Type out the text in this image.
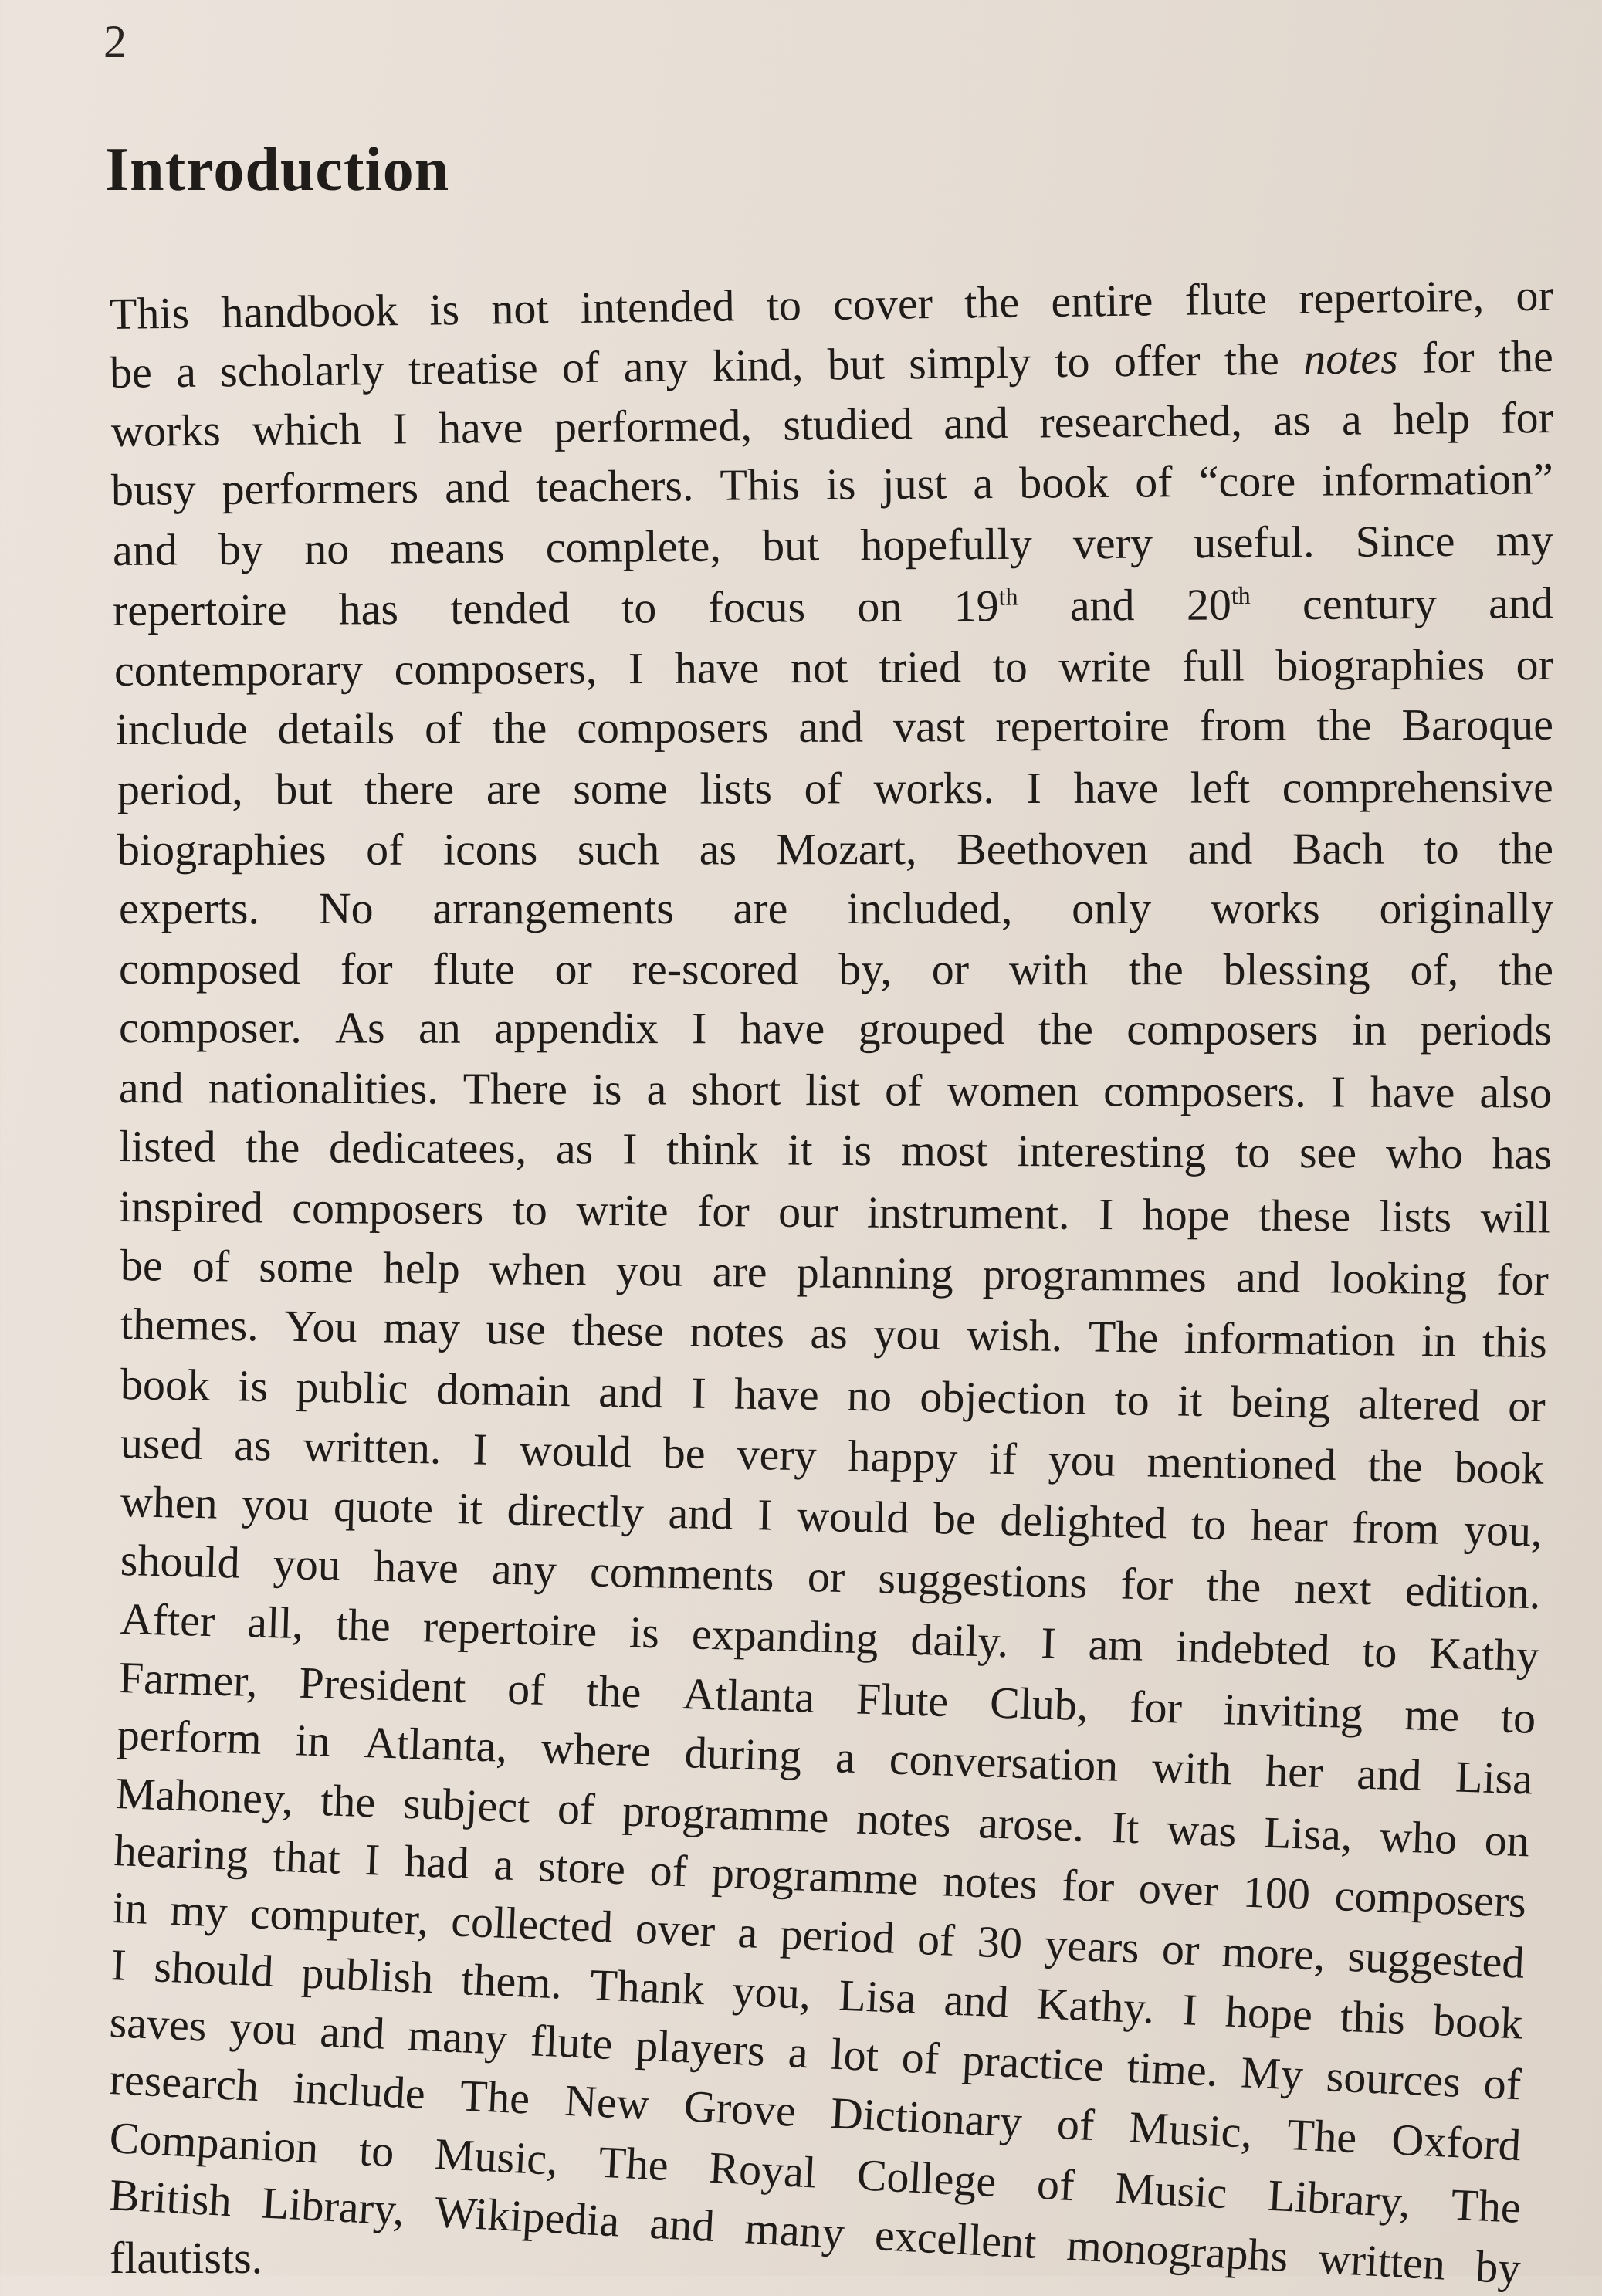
2
Introduction
This handbook is not intended to cover the entire flute repertoire, or
be a scholarly treatise of any kind, but simply to offer the notes for the
works which I have performed, studied and researched, as a help for
busy performers and teachers. This is just a book of “core information”
and by no means complete, but hopefully very useful. Since my
repertoire has tended to focus on 19th and 20th century and
contemporary composers, I have not tried to write full biographies or
include details of the composers and vast repertoire from the Baroque
period, but there are some lists of works. I have left comprehensive
biographies of icons such as Mozart, Beethoven and Bach to the
experts. No arrangements are included, only works originally
composed for flute or re-scored by, or with the blessing of, the
composer. As an appendix I have grouped the composers in periods
and nationalities. There is a short list of women composers. I have also
listed the dedicatees, as I think it is most interesting to see who has
inspired composers to write for our instrument. I hope these lists will
be of some help when you are planning programmes and looking for
themes. You may use these notes as you wish. The information in this
book is public domain and I have no objection to it being altered or
used as written. I would be very happy if you mentioned the book
when you quote it directly and I would be delighted to hear from you,
should you have any comments or suggestions for the next edition.
After all, the repertoire is expanding daily. I am indebted to Kathy
Farmer, President of the Atlanta Flute Club, for inviting me to
perform in Atlanta, where during a conversation with her and Lisa
Mahoney, the subject of programme notes arose. It was Lisa, who on
hearing that I had a store of programme notes for over 100 composers
in my computer, collected over a period of 30 years or more, suggested
I should publish them. Thank you, Lisa and Kathy. I hope this book
saves you and many flute players a lot of practice time. My sources of
research include The New Grove Dictionary of Music, The Oxford
Companion to Music, The Royal College of Music Library, The
British Library, Wikipedia and many excellent monographs written by
flautists.
